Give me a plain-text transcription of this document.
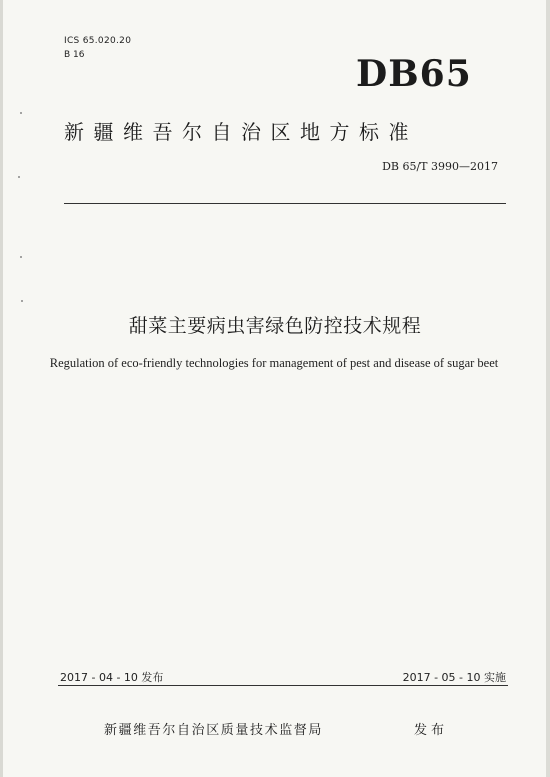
ICS 65.020.20
B 16	DB65
新疆维吾尔自治区地方标准
DB 65/T 3990—2017
甜菜主要病虫害绿色防控技术规程
Regulation of eco-friendly technologies for management of pest and disease of sugar beet
2017 - 04 - 10 发布	2017 - 05 - 10 实施
新疆维吾尔自治区质量技术监督局	发布
